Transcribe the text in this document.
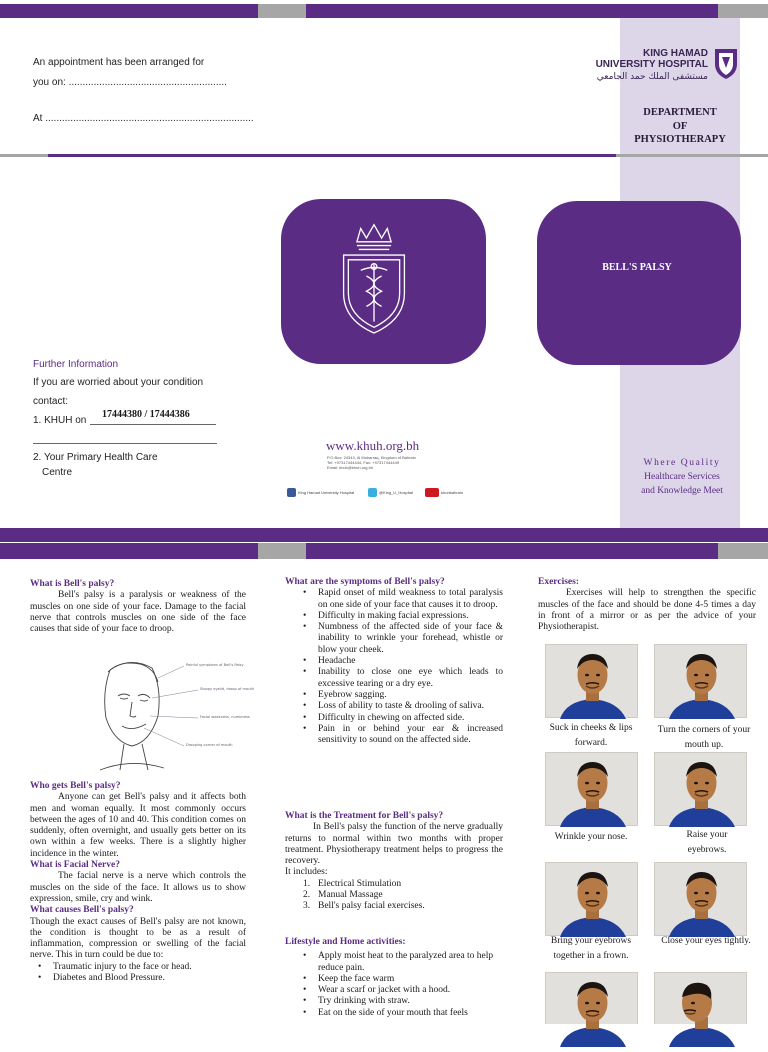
An appointment has been arranged for
you on: .........................................................
At ...........................................................................
KING HAMAD
UNIVERSITY HOSPITAL
مستشفى الملك حمد الجامعي
DEPARTMENT
OF
PHYSIOTHERAPY
BELL'S PALSY
Further Information
If you are worried about your condition
contact:
1. KHUH on
17444380 / 17444386
2. Your Primary Health Care
Centre
www.khuh.org.bh
P.O.Box: 24343, Al Muharraq, Kingdom of Bahrain
Tel: +97317444444, Fax: +97317444449
Email: khuh@khuh.org.bh
King Hamad University Hospital	@King_U_Hospital	khuhbahrain
Where Quality
Healthcare Services
and Knowledge Meet
What is Bell's palsy?
Bell's palsy is a paralysis or weakness of the muscles on one side of your face. Damage to the facial nerve that controls muscles on one side of the face causes that side of your face to droop.
Painful symptoms of Bell's Palsy
Sloppy eyelid, droop of mouth
Facial weakness, numbness
Drooping corner of mouth
Who gets Bell's palsy?
Anyone can get Bell's palsy and it affects both men and woman equally. It most commonly occurs between the ages of 10 and 40. This condition comes on suddenly, often overnight, and usually gets better on its own within a few weeks. There is a slightly higher incidence in the winter.
What is Facial Nerve?
The facial nerve is a nerve which controls the muscles on the side of the face. It allows us to show expression, smile, cry and wink.
What causes Bell's palsy?
Though the exact causes of Bell's palsy are not known, the condition is thought to be as a result of inflammation, compression or swelling of the facial nerve. This in turn could be due to:
• Traumatic injury to the face or head.
• Diabetes and Blood Pressure.
What are the symptoms of Bell's palsy?
• Rapid onset of mild weakness to total paralysis on one side of your face that causes it to droop.
• Difficulty in making facial expressions.
• Numbness of the affected side of your face & inability to wrinkle your forehead, whistle or blow your cheek.
• Headache
• Inability to close one eye which leads to excessive tearing or a dry eye.
• Eyebrow sagging.
• Loss of ability to taste & drooling of saliva.
• Difficulty in chewing on affected side.
• Pain in or behind your ear & increased sensitivity to sound on the affected side.
What is the Treatment for Bell's palsy?
In Bell's palsy the function of the nerve gradually returns to normal within two months with proper treatment. Physiotherapy treatment helps to progress the recovery.
It includes:
1. Electrical Stimulation
2. Manual Massage
3. Bell's palsy facial exercises.
Lifestyle and Home activities:
• Apply moist heat to the paralyzed area to help reduce pain.
• Keep the face warm
• Wear a scarf or jacket with a hood.
• Try drinking with straw.
• Eat on the side of your mouth that feels
Exercises:
Exercises will help to strengthen the specific muscles of the face and should be done 4-5 times a day in front of a mirror or as per the advice of your Physiotherapist.
Suck in cheeks & lips forward.
Turn the corners of your mouth up.
Wrinkle your nose.	Raise your eyebrows.
Bring your eyebrows together in a frown.
Close your eyes tightly.
